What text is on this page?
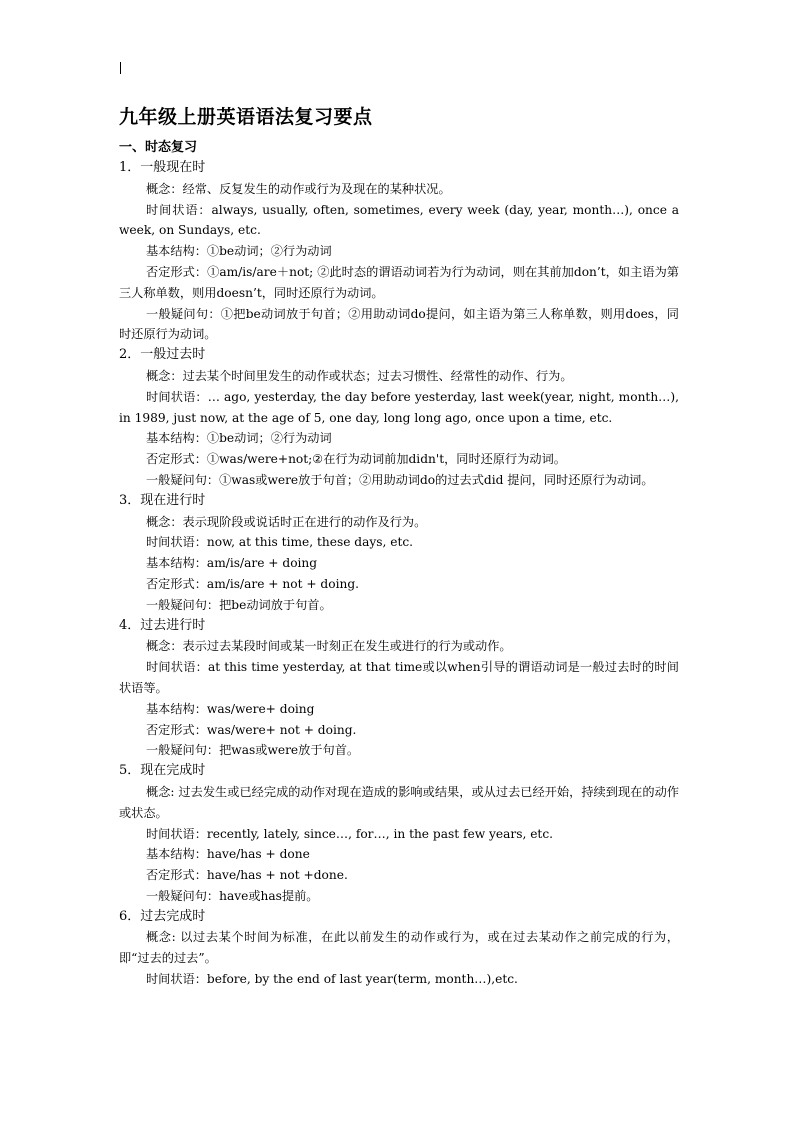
九年级上册英语语法复习要点
一、时态复习
1．一般现在时
概念：经常、反复发生的动作或行为及现在的某种状况。
时间状语：always, usually, often, sometimes, every week (day, year, month…), once a week, on Sundays, etc.
基本结构：①be动词；②行为动词
否定形式：①am/is/are＋not; ②此时态的谓语动词若为行为动词，则在其前加don’t，如主语为第三人称单数，则用doesn’t，同时还原行为动词。
一般疑问句：①把be动词放于句首；②用助动词do提问，如主语为第三人称单数，则用does，同时还原行为动词。
2．一般过去时
概念：过去某个时间里发生的动作或状态；过去习惯性、经常性的动作、行为。
时间状语：… ago, yesterday, the day before yesterday, last week(year, night, month…), in 1989, just now, at the age of 5, one day, long long ago, once upon a time, etc.
基本结构：①be动词；②行为动词
否定形式：①was/were+not;②在行为动词前加didn't，同时还原行为动词。
一般疑问句：①was或were放于句首；②用助动词do的过去式did 提问，同时还原行为动词。
3．现在进行时
概念：表示现阶段或说话时正在进行的动作及行为。
时间状语：now, at this time, these days, etc.
基本结构：am/is/are + doing
否定形式：am/is/are + not + doing.
一般疑问句：把be动词放于句首。
4．过去进行时
概念：表示过去某段时间或某一时刻正在发生或进行的行为或动作。
时间状语：at this time yesterday, at that time或以when引导的谓语动词是一般过去时的时间状语等。
基本结构：was/were+ doing
否定形式：was/were+ not + doing.
一般疑问句：把was或were放于句首。
5．现在完成时
概念: 过去发生或已经完成的动作对现在造成的影响或结果，或从过去已经开始，持续到现在的动作或状态。
时间状语：recently, lately, since…, for…, in the past few years, etc.
基本结构：have/has + done
否定形式：have/has + not +done.
一般疑问句：have或has提前。
6．过去完成时
概念: 以过去某个时间为标准，在此以前发生的动作或行为，或在过去某动作之前完成的行为，即“过去的过去”。
时间状语：before, by the end of last year(term, month…),etc.
